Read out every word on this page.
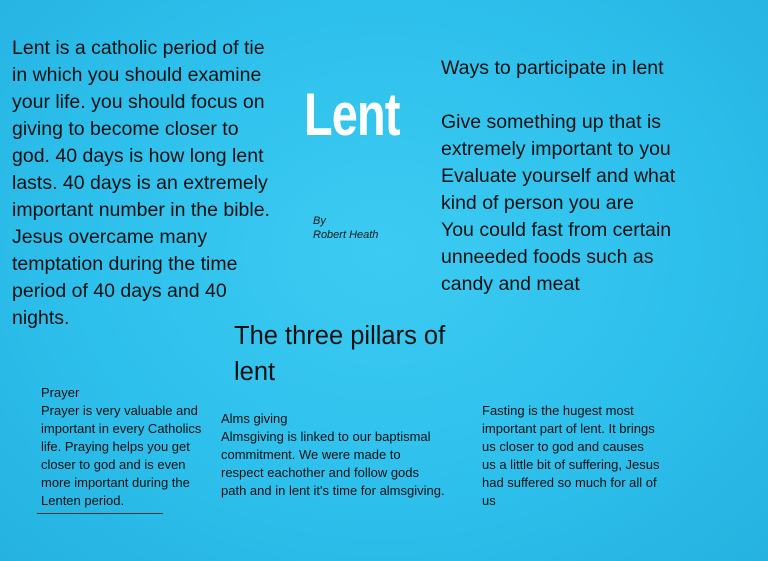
Lent is a catholic period of tie
in which you should examine
your life. you should focus on
giving to become closer to
god. 40 days is how long lent
lasts. 40 days is an extremely
important number in the bible.
Jesus overcame many
temptation during the time
period of 40 days and 40
nights.

Lent

By
Robert Heath

Ways to participate in lent

Give something up that is
extremely important to you
Evaluate yourself and what
kind of person you are
You could fast from certain
unneeded foods such as
candy and meat

The three pillars of
lent

Prayer
Prayer is very valuable and
important in every Catholics
life. Praying helps you get
closer to god and is even
more important during the
Lenten period.

Alms giving
Almsgiving is linked to our baptismal
commitment. We were made to
respect eachother and follow gods
path and in lent it's time for almsgiving.

Fasting is the hugest most
important part of lent. It brings
us closer to god and causes
us a little bit of suffering, Jesus
had suffered so much for all of
us
